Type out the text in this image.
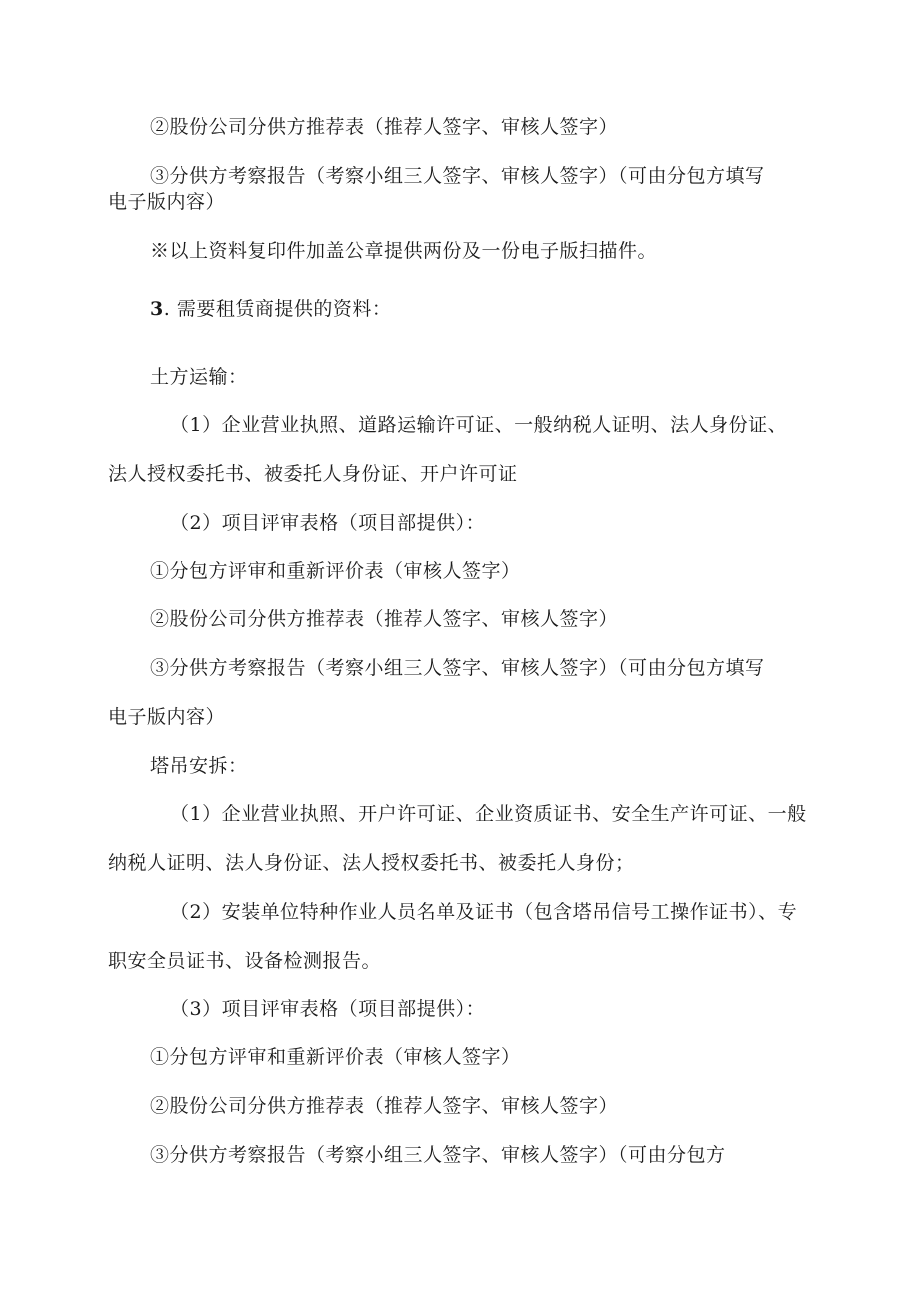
②股份公司分供方推荐表（推荐人签字、审核人签字）
③分供方考察报告（考察小组三人签字、审核人签字）（可由分包方填写
电子版内容）
※以上资料复印件加盖公章提供两份及一份电子版扫描件。
3. 需要租赁商提供的资料：
土方运输：
（1）企业营业执照、道路运输许可证、一般纳税人证明、法人身份证、
法人授权委托书、被委托人身份证、开户许可证
（2）项目评审表格（项目部提供）：
①分包方评审和重新评价表（审核人签字）
②股份公司分供方推荐表（推荐人签字、审核人签字）
③分供方考察报告（考察小组三人签字、审核人签字）（可由分包方填写
电子版内容）
塔吊安拆：
（1）企业营业执照、开户许可证、企业资质证书、安全生产许可证、一般
纳税人证明、法人身份证、法人授权委托书、被委托人身份；
（2）安装单位特种作业人员名单及证书（包含塔吊信号工操作证书）、专
职安全员证书、设备检测报告。
（3）项目评审表格（项目部提供）：
①分包方评审和重新评价表（审核人签字）
②股份公司分供方推荐表（推荐人签字、审核人签字）
③分供方考察报告（考察小组三人签字、审核人签字）（可由分包方
